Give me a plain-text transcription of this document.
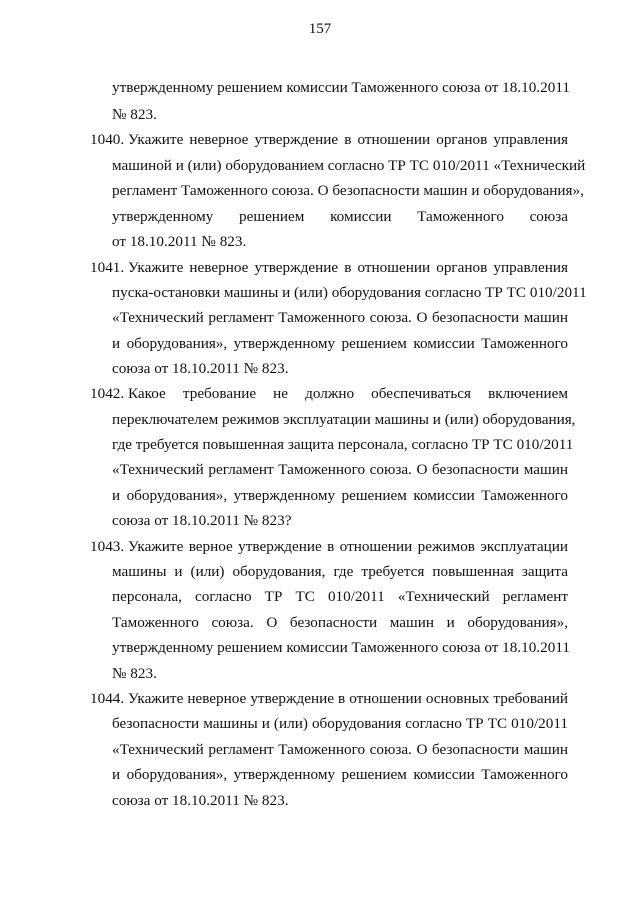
157
утвержденному решением комиссии Таможенного союза от 18.10.2011
№ 823.
1040. Укажите неверное утверждение в отношении органов управления
машиной и (или) оборудованием согласно ТР ТС 010/2011 «Технический
регламент Таможенного союза. О безопасности машин и оборудования»,
утвержденному решением комиссии Таможенного союза
от 18.10.2011 № 823.
1041. Укажите неверное утверждение в отношении органов управления
пуска-остановки машины и (или) оборудования согласно ТР ТС 010/2011
«Технический регламент Таможенного союза. О безопасности машин
и оборудования», утвержденному решением комиссии Таможенного
союза от 18.10.2011 № 823.
1042. Какое требование не должно обеспечиваться включением
переключателем режимов эксплуатации машины и (или) оборудования,
где требуется повышенная защита персонала, согласно ТР ТС 010/2011
«Технический регламент Таможенного союза. О безопасности машин
и оборудования», утвержденному решением комиссии Таможенного
союза от 18.10.2011 № 823?
1043. Укажите верное утверждение в отношении режимов эксплуатации
машины и (или) оборудования, где требуется повышенная защита
персонала, согласно ТР ТС 010/2011 «Технический регламент
Таможенного союза. О безопасности машин и оборудования»,
утвержденному решением комиссии Таможенного союза от 18.10.2011
№ 823.
1044. Укажите неверное утверждение в отношении основных требований
безопасности машины и (или) оборудования согласно ТР ТС 010/2011
«Технический регламент Таможенного союза. О безопасности машин
и оборудования», утвержденному решением комиссии Таможенного
союза от 18.10.2011 № 823.
